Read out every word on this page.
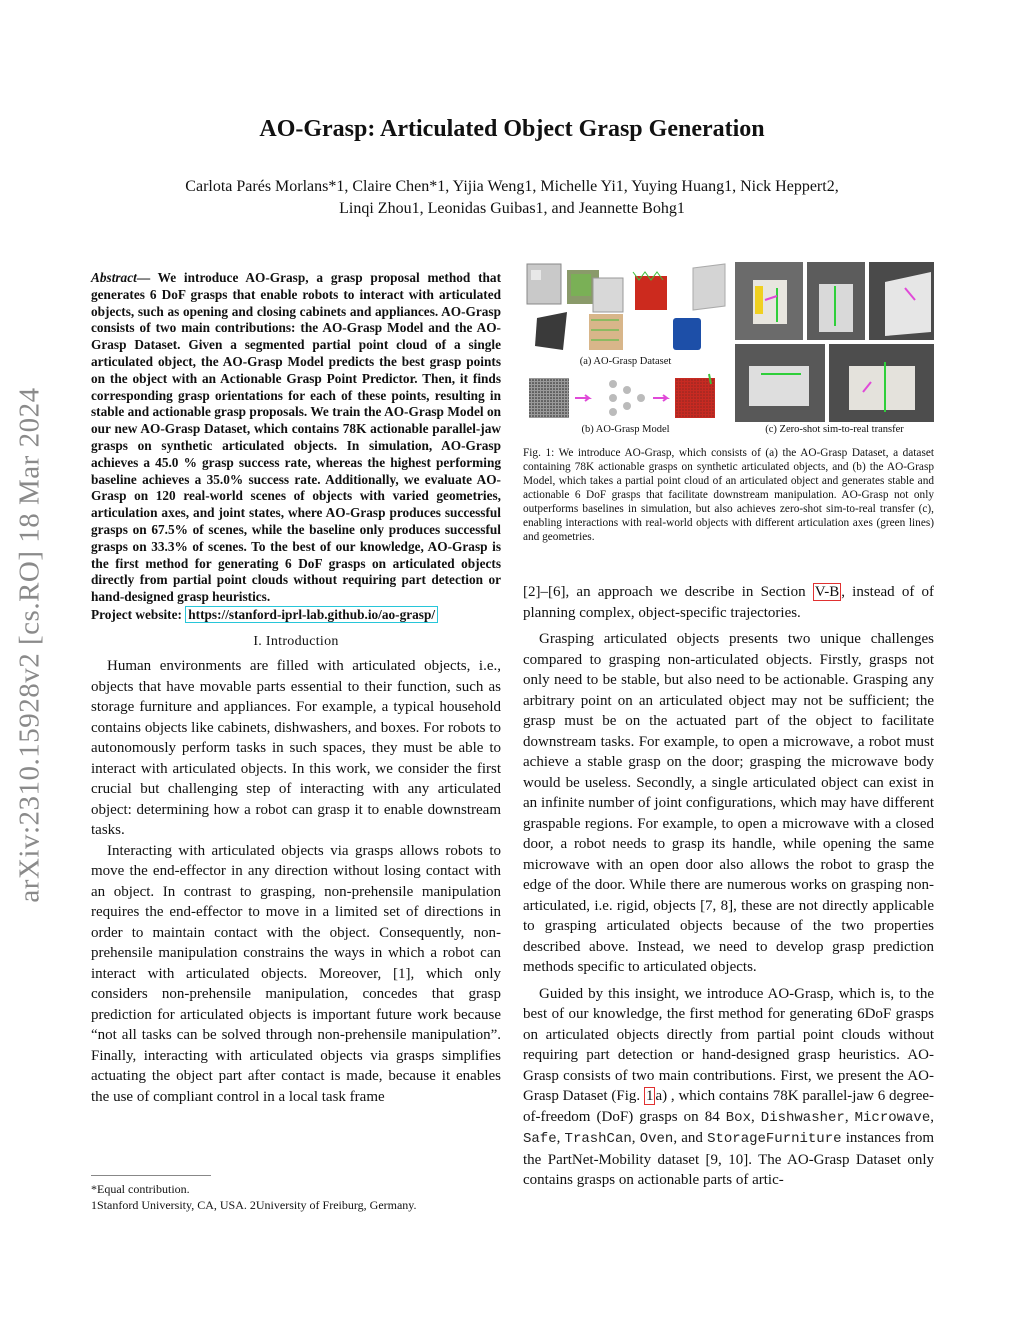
arXiv:2310.15928v2 [cs.RO] 18 Mar 2024
AO-Grasp: Articulated Object Grasp Generation
Carlota Parés Morlans*1, Claire Chen*1, Yijia Weng1, Michelle Yi1, Yuying Huang1, Nick Heppert2,
Linqi Zhou1, Leonidas Guibas1, and Jeannette Bohg1

Abstract— We introduce AO-Grasp, a grasp proposal method that generates 6 DoF grasps that enable robots to interact with articulated objects, such as opening and closing cabinets and appliances. AO-Grasp consists of two main contributions: the AO-Grasp Model and the AO-Grasp Dataset. Given a segmented partial point cloud of a single articulated object, the AO-Grasp Model predicts the best grasp points on the object with an Actionable Grasp Point Predictor. Then, it finds corresponding grasp orientations for each of these points, resulting in stable and actionable grasp proposals. We train the AO-Grasp Model on our new AO-Grasp Dataset, which contains 78K actionable parallel-jaw grasps on synthetic articulated objects. In simulation, AO-Grasp achieves a 45.0 % grasp success rate, whereas the highest performing baseline achieves a 35.0% success rate. Additionally, we evaluate AO-Grasp on 120 real-world scenes of objects with varied geometries, articulation axes, and joint states, where AO-Grasp produces successful grasps on 67.5% of scenes, while the baseline only produces successful grasps on 33.3% of scenes. To the best of our knowledge, AO-Grasp is the first method for generating 6 DoF grasps on articulated objects directly from partial point clouds without requiring part detection or hand-designed grasp heuristics.

Project website: https://stanford-iprl-lab.github.io/ao-grasp/

I. Introduction

Human environments are filled with articulated objects, i.e., objects that have movable parts essential to their function, such as storage furniture and appliances. For example, a typical household contains objects like cabinets, dishwashers, and boxes. For robots to autonomously perform tasks in such spaces, they must be able to interact with articulated objects. In this work, we consider the first crucial but challenging step of interacting with any articulated object: determining how a robot can grasp it to enable downstream tasks.

Interacting with articulated objects via grasps allows robots to move the end-effector in any direction without losing contact with an object. In contrast to grasping, non-prehensile manipulation requires the end-effector to move in a limited set of directions in order to maintain contact with the object. Consequently, non-prehensile manipulation constrains the ways in which a robot can interact with articulated objects. Moreover, [1], which only considers non-prehensile manipulation, concedes that grasp prediction for articulated objects is important future work because “not all tasks can be solved through non-prehensile manipulation”. Finally, interacting with articulated objects via grasps simplifies actuating the object part after contact is made, because it enables the use of compliant control in a local task frame

*Equal contribution.
1Stanford University, CA, USA. 2University of Freiburg, Germany.
(a) AO-Grasp Dataset
(b) AO-Grasp Model	(c) Zero-shot sim-to-real transfer
Fig. 1: We introduce AO-Grasp, which consists of (a) the AO-Grasp Dataset, a dataset containing 78K actionable grasps on synthetic articulated objects, and (b) the AO-Grasp Model, which takes a partial point cloud of an articulated object and generates stable and actionable 6 DoF grasps that facilitate downstream manipulation. AO-Grasp not only outperforms baselines in simulation, but also achieves zero-shot sim-to-real transfer (c), enabling interactions with real-world objects with different articulation axes (green lines) and geometries.

[2]–[6], an approach we describe in Section V-B , instead of of planning complex, object-specific trajectories.

Grasping articulated objects presents two unique challenges compared to grasping non-articulated objects. Firstly, grasps not only need to be stable, but also need to be actionable. Grasping any arbitrary point on an articulated object may not be sufficient; the grasp must be on the actuated part of the object to facilitate downstream tasks. For example, to open a microwave, a robot must achieve a stable grasp on the door; grasping the microwave body would be useless. Secondly, a single articulated object can exist in an infinite number of joint configurations, which may have different graspable regions. For example, to open a microwave with a closed door, a robot needs to grasp its handle, while opening the same microwave with an open door also allows the robot to grasp the edge of the door. While there are numerous works on grasping non-articulated, i.e. rigid, objects [7, 8], these are not directly applicable to grasping articulated objects because of the two properties described above. Instead, we need to develop grasp prediction methods specific to articulated objects.

Guided by this insight, we introduce AO-Grasp, which is, to the best of our knowledge, the first method for generating 6DoF grasps on articulated objects directly from partial point clouds without requiring part detection or hand-designed grasp heuristics. AO-Grasp consists of two main contributions. First, we present the AO-Grasp Dataset (Fig. 1 a) , which contains 78K parallel-jaw 6 degree-of-freedom (DoF) grasps on 84 Box, Dishwasher, Microwave, Safe, TrashCan, Oven, and StorageFurniture instances from the PartNet-Mobility dataset [9, 10]. The AO-Grasp Dataset only contains grasps on actionable parts of artic-
